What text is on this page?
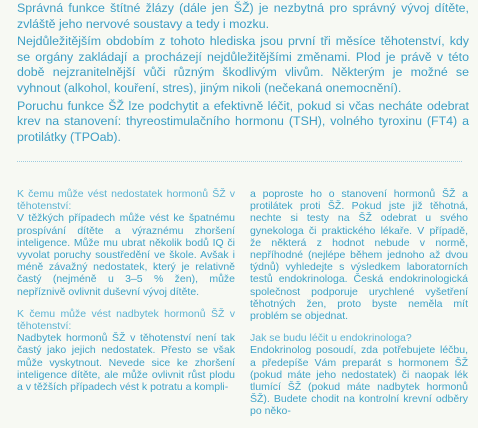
Správná funkce štítné žlázy (dále jen ŠŽ) je nezbytná pro správný vývoj dítěte, zvláště jeho nervové soustavy a tedy i mozku.

Nejdůležitějším obdobím z tohoto hlediska jsou první tři měsíce těhotenství, kdy se orgány zakládají a procházejí nejdůležitějšími změnami. Plod je právě v této době nejzranitelnější vůči různým škodlivým vlivům. Některým je možné se vyhnout (alkohol, kouření, stres), jiným nikoli (nečekaná onemocnění).

Poruchu funkce ŠŽ lze podchytit a efektivně léčit, pokud si včas necháte odebrat krev na stanovení: thyreostimulačního hormonu (TSH), volného tyroxinu (FT4) a protilátky (TPOab).

K čemu může vést nedostatek hormonů ŠŽ v těhotenství:

V těžkých případech může vést ke špatnému prospívání dítěte a výraznému zhoršení inteligence. Může mu ubrat několik bodů IQ či vyvolat poruchy soustředění ve škole. Avšak i méně závažný nedostatek, který je relativně častý (nejméně u 3–5 % žen), může nepříznivě ovlivnit duševní vývoj dítěte.

K čemu může vést nadbytek hormonů ŠŽ v těhotenství:

Nadbytek hormonů ŠŽ v těhotenství není tak častý jako jejich nedostatek. Přesto se však může vyskytnout. Nevede sice ke zhoršení inteligence dítěte, ale může ovlivnit růst plodu a v těžších případech vést k potratu a kompli-

a poproste ho o stanovení hormonů ŠŽ a protilátek proti ŠŽ. Pokud jste již těhotná, nechte si testy na ŠŽ odebrat u svého gynekologa či praktického lékaře. V případě, že některá z hodnot nebude v normě, nepříhodné (nejlépe během jednoho až dvou týdnů) vyhledejte s výsledkem laboratorních testů endokrinologa. Česká endokrinologická společnost podporuje urychlené vyšetření těhotných žen, proto byste neměla mít problém se objednat.

Jak se budu léčit u endokrinologa?

Endokrinolog posoudí, zda potřebujete léčbu, a předepíše Vám preparát s hormonem ŠŽ (pokud máte jeho nedostatek) či naopak lék tlumící ŠŽ (pokud máte nadbytek hormonů ŠŽ). Budete chodit na kontrolní krevní odběry po něko-
